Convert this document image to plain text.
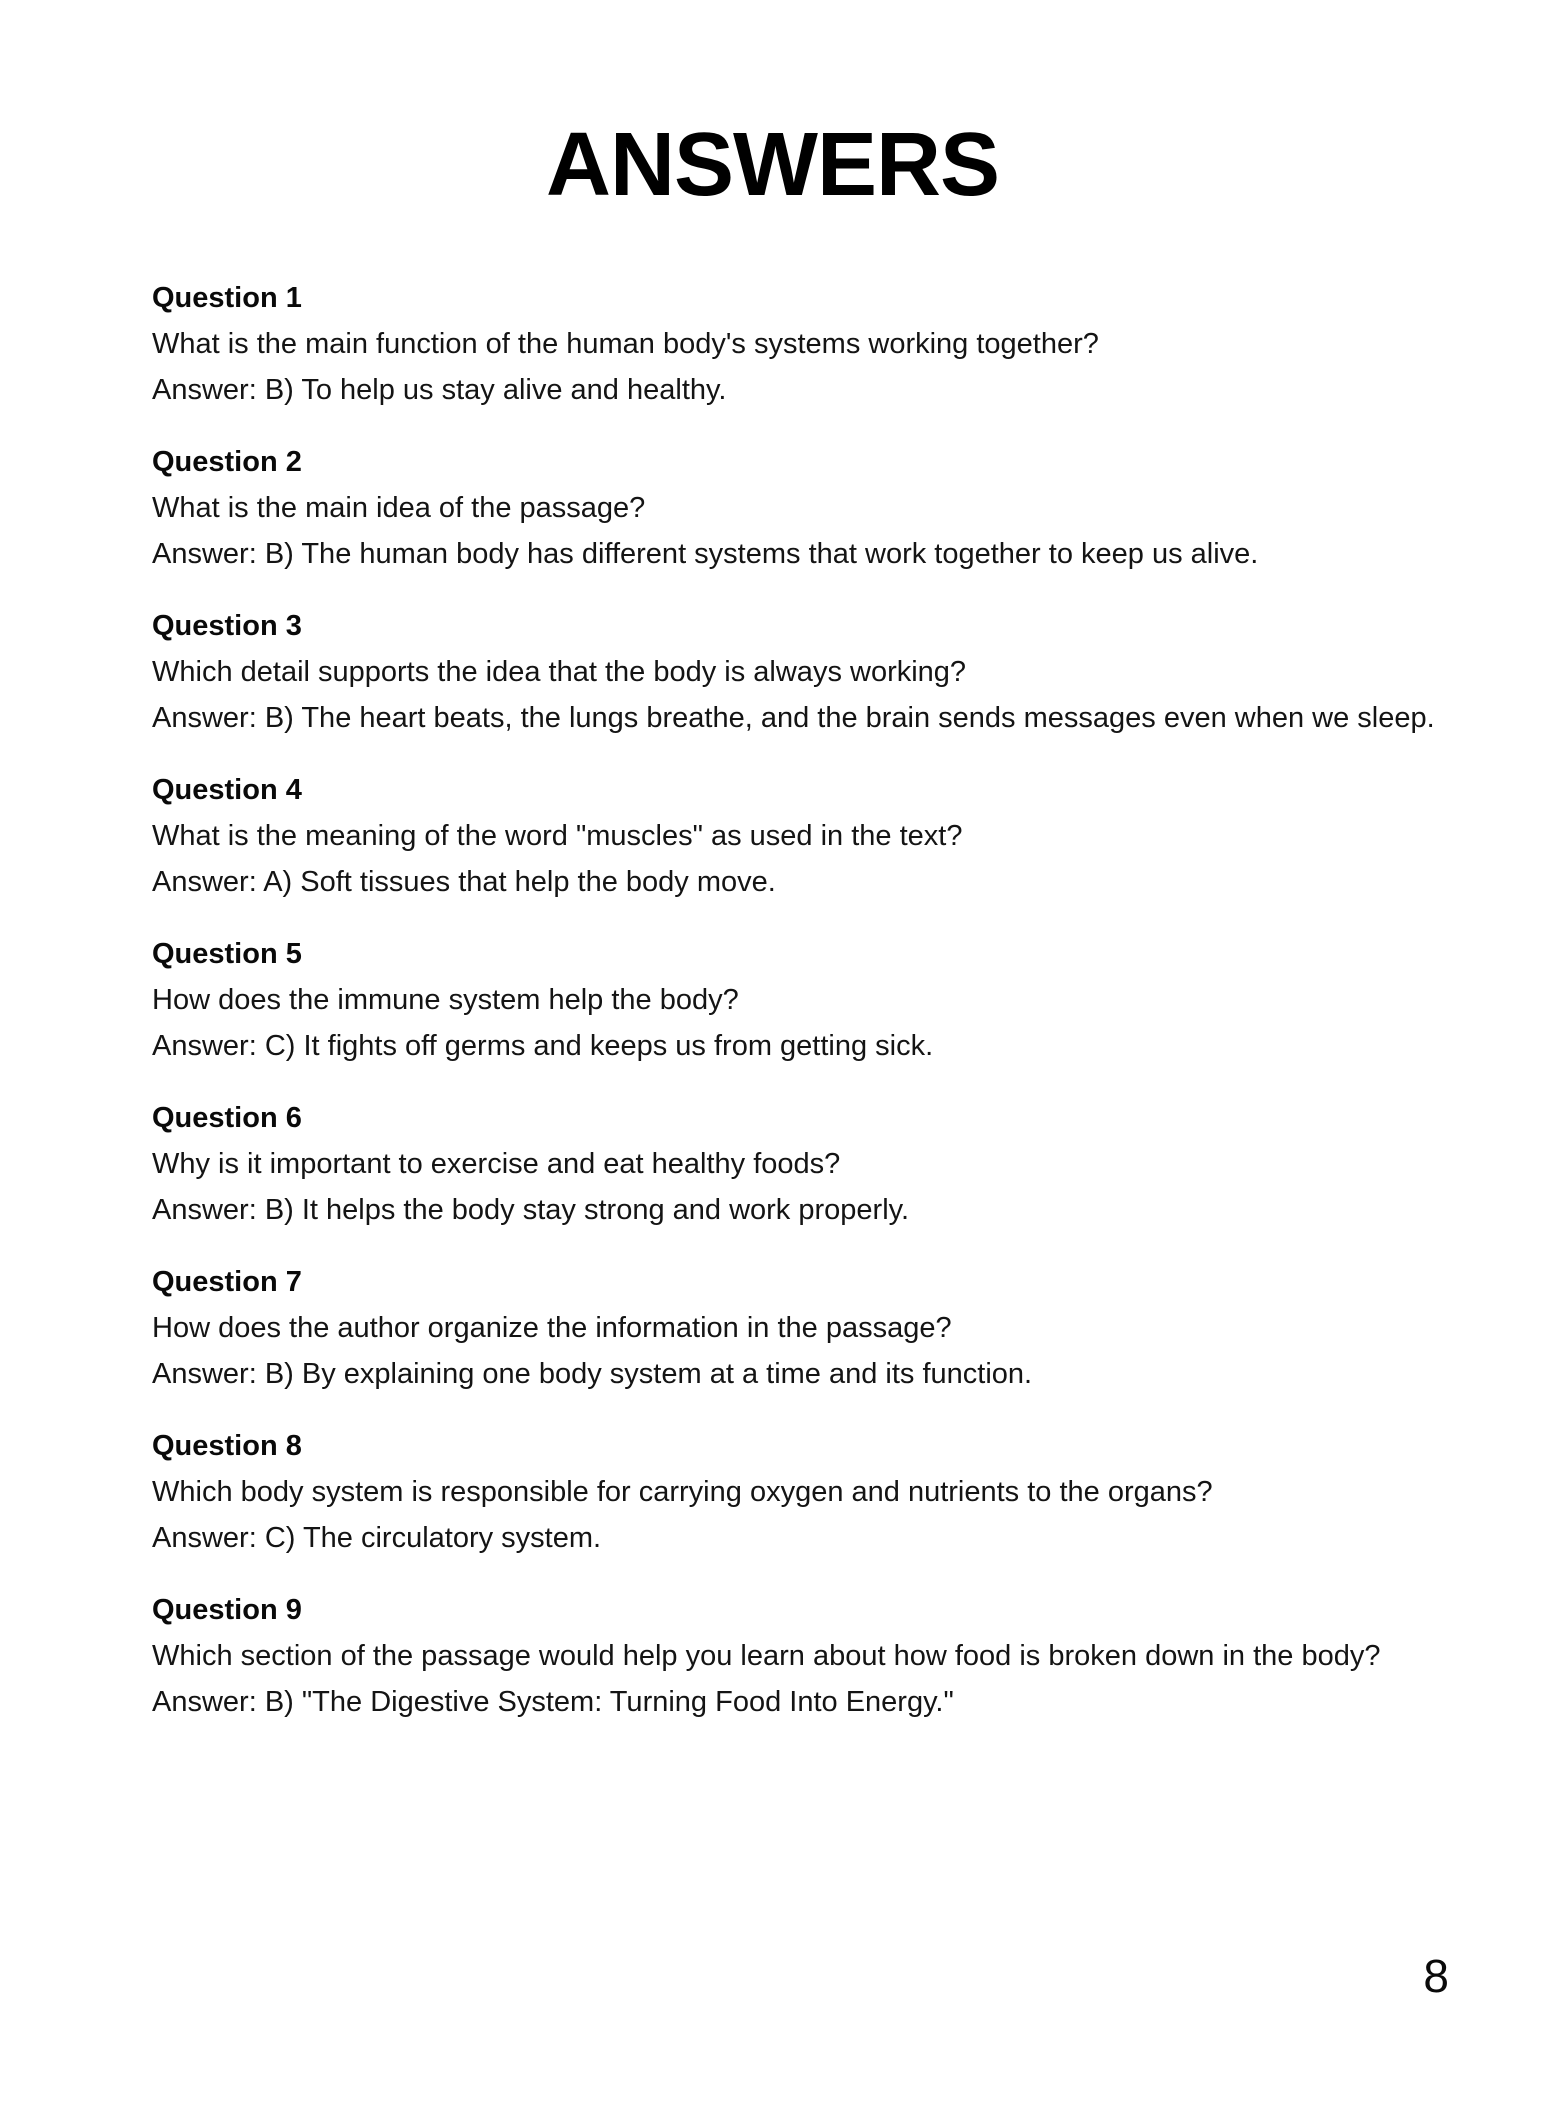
ANSWERS
Question 1

What is the main function of the human body's systems working together?

Answer: B) To help us stay alive and healthy.

Question 2

What is the main idea of the passage?

Answer: B) The human body has different systems that work together to keep us alive.

Question 3

Which detail supports the idea that the body is always working?

Answer: B) The heart beats, the lungs breathe, and the brain sends messages even when we sleep.

Question 4

What is the meaning of the word "muscles" as used in the text?

Answer: A) Soft tissues that help the body move.

Question 5

How does the immune system help the body?

Answer: C) It fights off germs and keeps us from getting sick.

Question 6

Why is it important to exercise and eat healthy foods?

Answer: B) It helps the body stay strong and work properly.

Question 7

How does the author organize the information in the passage?

Answer: B) By explaining one body system at a time and its function.

Question 8

Which body system is responsible for carrying oxygen and nutrients to the organs?

Answer: C) The circulatory system.

Question 9

Which section of the passage would help you learn about how food is broken down in the body?

Answer: B) "The Digestive System: Turning Food Into Energy."

8
